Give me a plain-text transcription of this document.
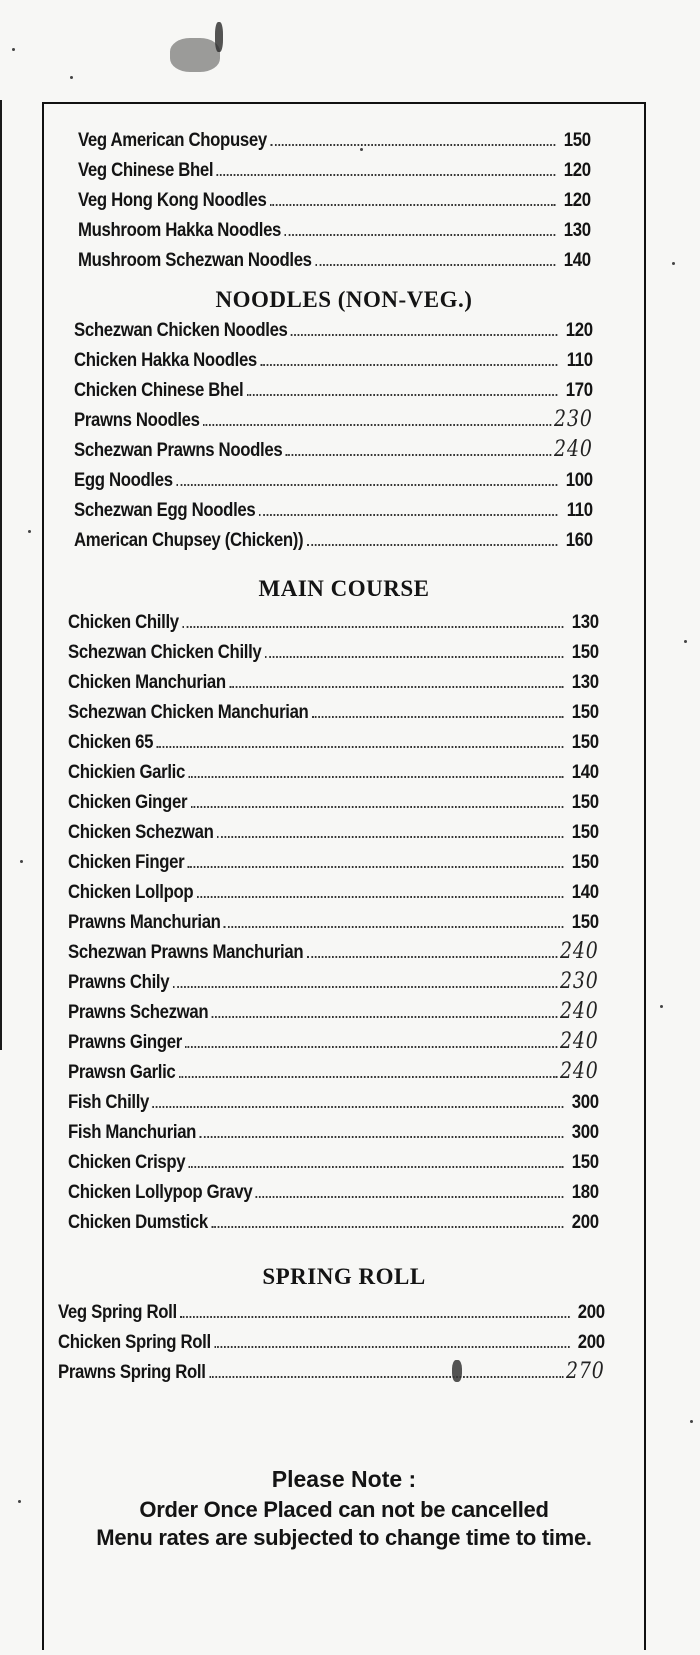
Veg American Chopusey	150
Veg Chinese Bhel	120
Veg Hong Kong Noodles	120
Mushroom Hakka Noodles	130
Mushroom Schezwan Noodles	140
NOODLES (NON-VEG.)
Schezwan Chicken Noodles	120
Chicken Hakka Noodles	110
Chicken Chinese Bhel	170
Prawns Noodles	230
Schezwan Prawns Noodles	240
Egg Noodles	100
Schezwan Egg Noodles	110
American Chupsey (Chicken))	160
MAIN COURSE
Chicken Chilly	130
Schezwan Chicken Chilly	150
Chicken Manchurian	130
Schezwan Chicken Manchurian	150
Chicken 65	150
Chickien Garlic	140
Chicken Ginger	150
Chicken Schezwan	150
Chicken Finger	150
Chicken Lollpop	140
Prawns Manchurian	150
Schezwan Prawns Manchurian	240
Prawns Chily	230
Prawns Schezwan	240
Prawns Ginger	240
Prawsn Garlic	240
Fish Chilly	300
Fish Manchurian	300
Chicken Crispy	150
Chicken Lollypop Gravy	180
Chicken Dumstick	200
SPRING ROLL
Veg Spring Roll	200
Chicken Spring Roll	200
Prawns Spring Roll	270
Please Note :
Order Once Placed can not be cancelled
Menu rates are subjected to change time to time.
